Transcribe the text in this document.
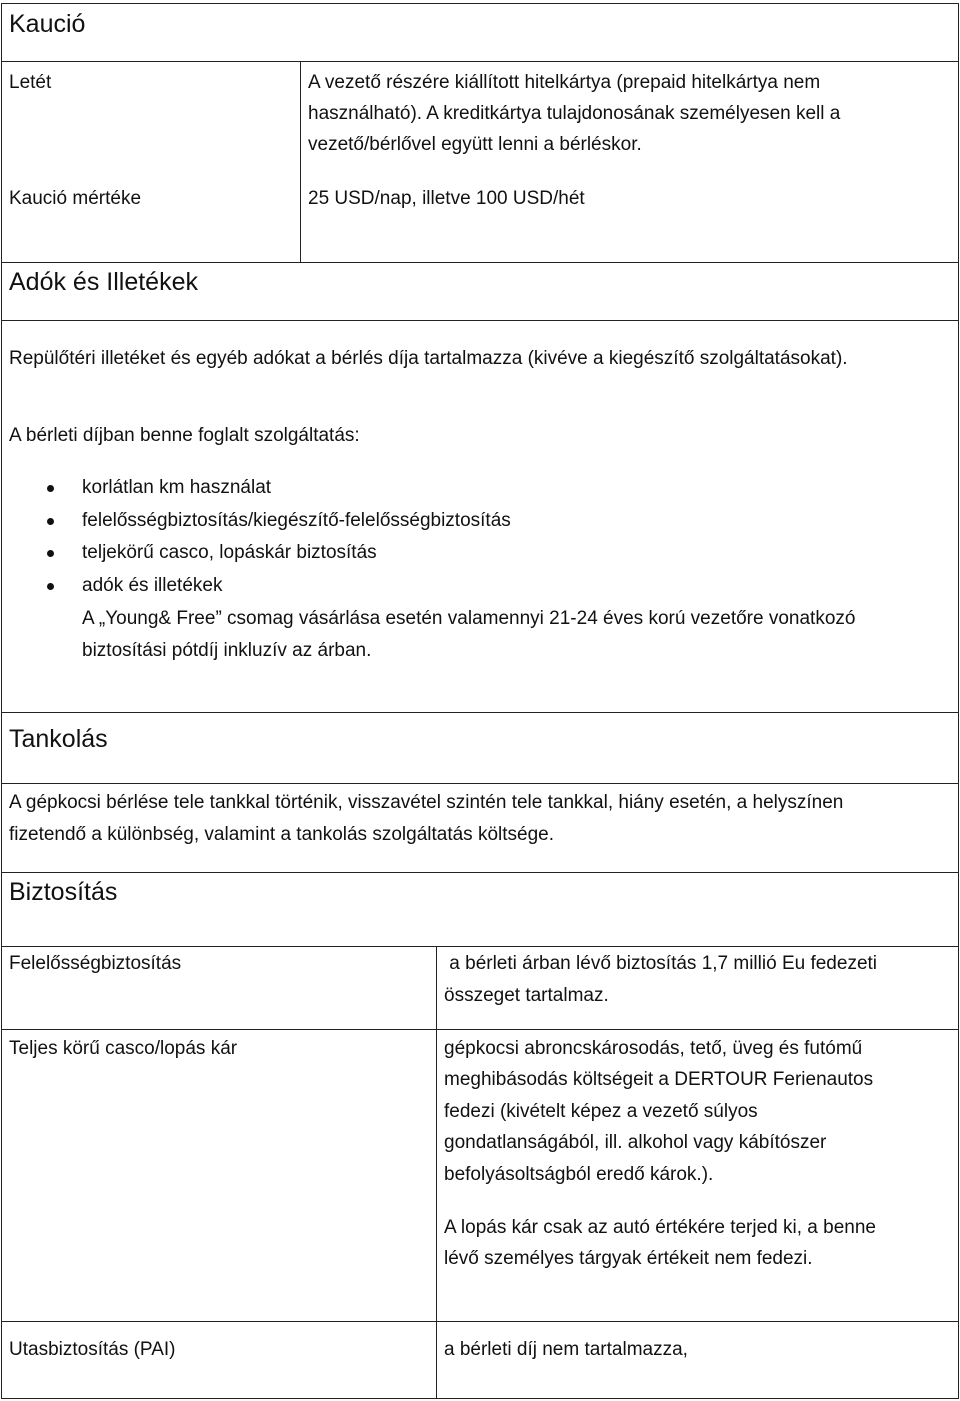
Kaució
Letét	A vezető részére kiállított hitelkártya (prepaid hitelkártya nem
használható). A kreditkártya tulajdonosának személyesen kell a
vezető/bérlővel együtt lenni a bérléskor.
Kaució mértéke	25 USD/nap, illetve 100 USD/hét
Adók és Illetékek
Repülőtéri illetéket és egyéb adókat a bérlés díja tartalmazza (kivéve a kiegészítő szolgáltatásokat).
A bérleti díjban benne foglalt szolgáltatás:
korlátlan km használat
felelősségbiztosítás/kiegészítő-felelősségbiztosítás
teljekörű casco, lopáskár biztosítás
adók és illetékek
A „Young& Free” csomag vásárlása esetén valamennyi 21-24 éves korú vezetőre vonatkozó
biztosítási pótdíj inkluzív az árban.
Tankolás
A gépkocsi bérlése tele tankkal történik, visszavétel szintén tele tankkal, hiány esetén, a helyszínen
fizetendő a különbség, valamint a tankolás szolgáltatás költsége.
Biztosítás
Felelősségbiztosítás	a bérleti árban lévő biztosítás 1,7 millió Eu fedezeti
összeget tartalmaz.
Teljes körű casco/lopás kár	gépkocsi abroncskárosodás, tető, üveg és futómű
meghibásodás költségeit a DERTOUR Ferienautos
fedezi (kivételt képez a vezető súlyos
gondatlanságából, ill. alkohol vagy kábítószer
befolyásoltságból eredő károk.).
A lopás kár csak az autó értékére terjed ki, a benne
lévő személyes tárgyak értékeit nem fedezi.
Utasbiztosítás (PAI)	a bérleti díj nem tartalmazza,
